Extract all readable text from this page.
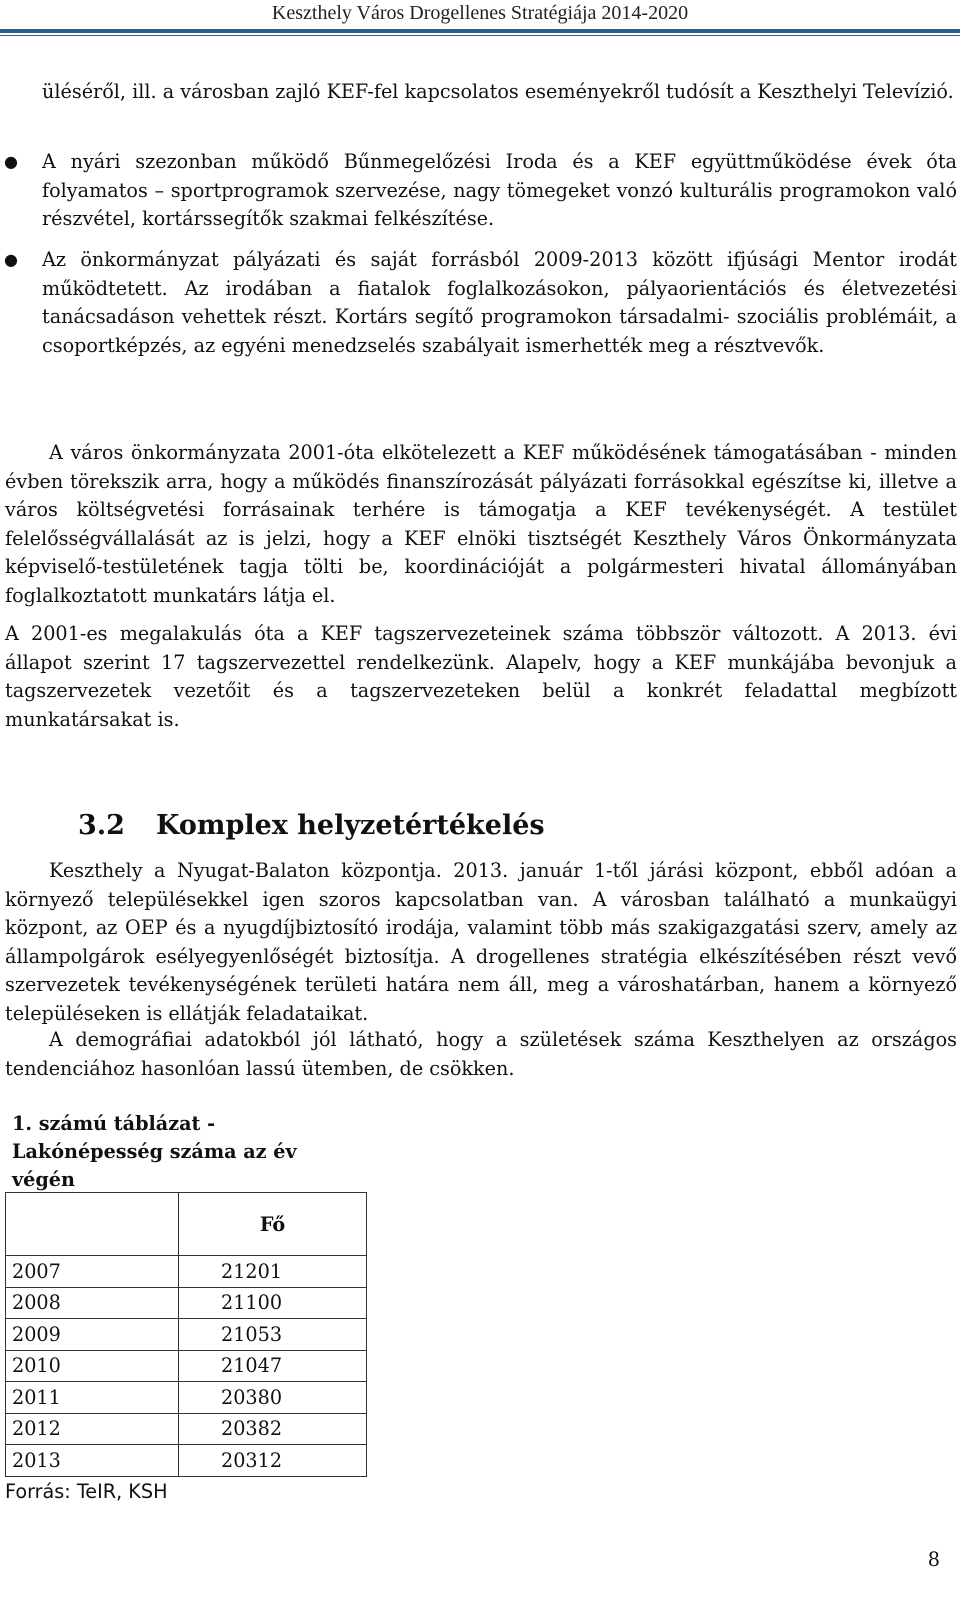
Keszthely Város Drogellenes Stratégiája 2014-2020
üléséről, ill. a városban zajló KEF-fel kapcsolatos eseményekről tudósít a Keszthelyi Televízió.
● A nyári szezonban működő Bűnmegelőzési Iroda és a KEF együttműködése évek óta folyamatos – sportprogramok szervezése, nagy tömegeket vonzó kulturális programokon való részvétel, kortárssegítők szakmai felkészítése.
● Az önkormányzat pályázati és saját forrásból 2009-2013 között ifjúsági Mentor irodát működtetett. Az irodában a fiatalok foglalkozásokon, pályaorientációs és életvezetési tanácsadáson vehettek részt. Kortárs segítő programokon társadalmi- szociális problémáit, a csoportképzés, az egyéni menedzselés szabályait ismerhették meg a résztvevők.
A város önkormányzata 2001-óta elkötelezett a KEF működésének támogatásában - minden évben törekszik arra, hogy a működés finanszírozását pályázati forrásokkal egészítse ki, illetve a város költségvetési forrásainak terhére is támogatja a KEF tevékenységét. A testület felelősségvállalását az is jelzi, hogy a KEF elnöki tisztségét Keszthely Város Önkormányzata képviselő-testületének tagja tölti be, koordinációját a polgármesteri hivatal állományában foglalkoztatott munkatárs látja el.
A 2001-es megalakulás óta a KEF tagszervezeteinek száma többször változott. A 2013. évi állapot szerint 17 tagszervezettel rendelkezünk. Alapelv, hogy a KEF munkájába bevonjuk a tagszervezetek vezetőit és a tagszervezeteken belül a konkrét feladattal megbízott munkatársakat is.
3.2 Komplex helyzetértékelés
Keszthely a Nyugat-Balaton központja. 2013. január 1-től járási központ, ebből adóan a környező településekkel igen szoros kapcsolatban van. A városban található a munkaügyi központ, az OEP és a nyugdíjbiztosító irodája, valamint több más szakigazgatási szerv, amely az állampolgárok esélyegyenlőségét biztosítja. A drogellenes stratégia elkészítésében részt vevő szervezetek tevékenységének területi határa nem áll, meg a városhatárban, hanem a környező településeken is ellátják feladataikat.
A demográfiai adatokból jól látható, hogy a születések száma Keszthelyen az országos tendenciához hasonlóan lassú ütemben, de csökken.
1. számú táblázat - Lakónépesség száma az év végén
	Fő
2007	21201
2008	21100
2009	21053
2010	21047
2011	20380
2012	20382
2013	20312
Forrás: TeIR, KSH
8
